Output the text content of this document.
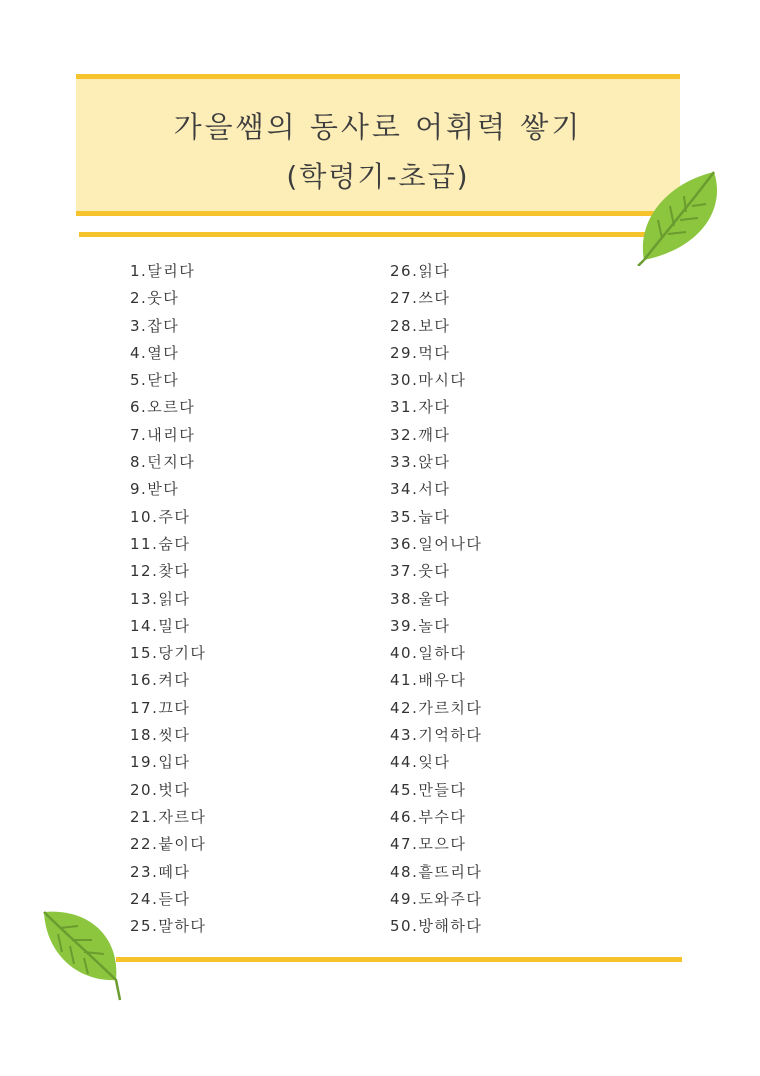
가을쌤의 동사로 어휘력 쌓기
(학령기-초급)
1.달리다
2.웃다
3.잡다
4.열다
5.닫다
6.오르다
7.내리다
8.던지다
9.받다
10.주다
11.숨다
12.찾다
13.읽다
14.밀다
15.당기다
16.켜다
17.끄다
18.씻다
19.입다
20.벗다
21.자르다
22.붙이다
23.떼다
24.듣다
25.말하다
26.읽다
27.쓰다
28.보다
29.먹다
30.마시다
31.자다
32.깨다
33.앉다
34.서다
35.눕다
36.일어나다
37.웃다
38.울다
39.놀다
40.일하다
41.배우다
42.가르치다
43.기억하다
44.잊다
45.만들다
46.부수다
47.모으다
48.흩뜨리다
49.도와주다
50.방해하다
